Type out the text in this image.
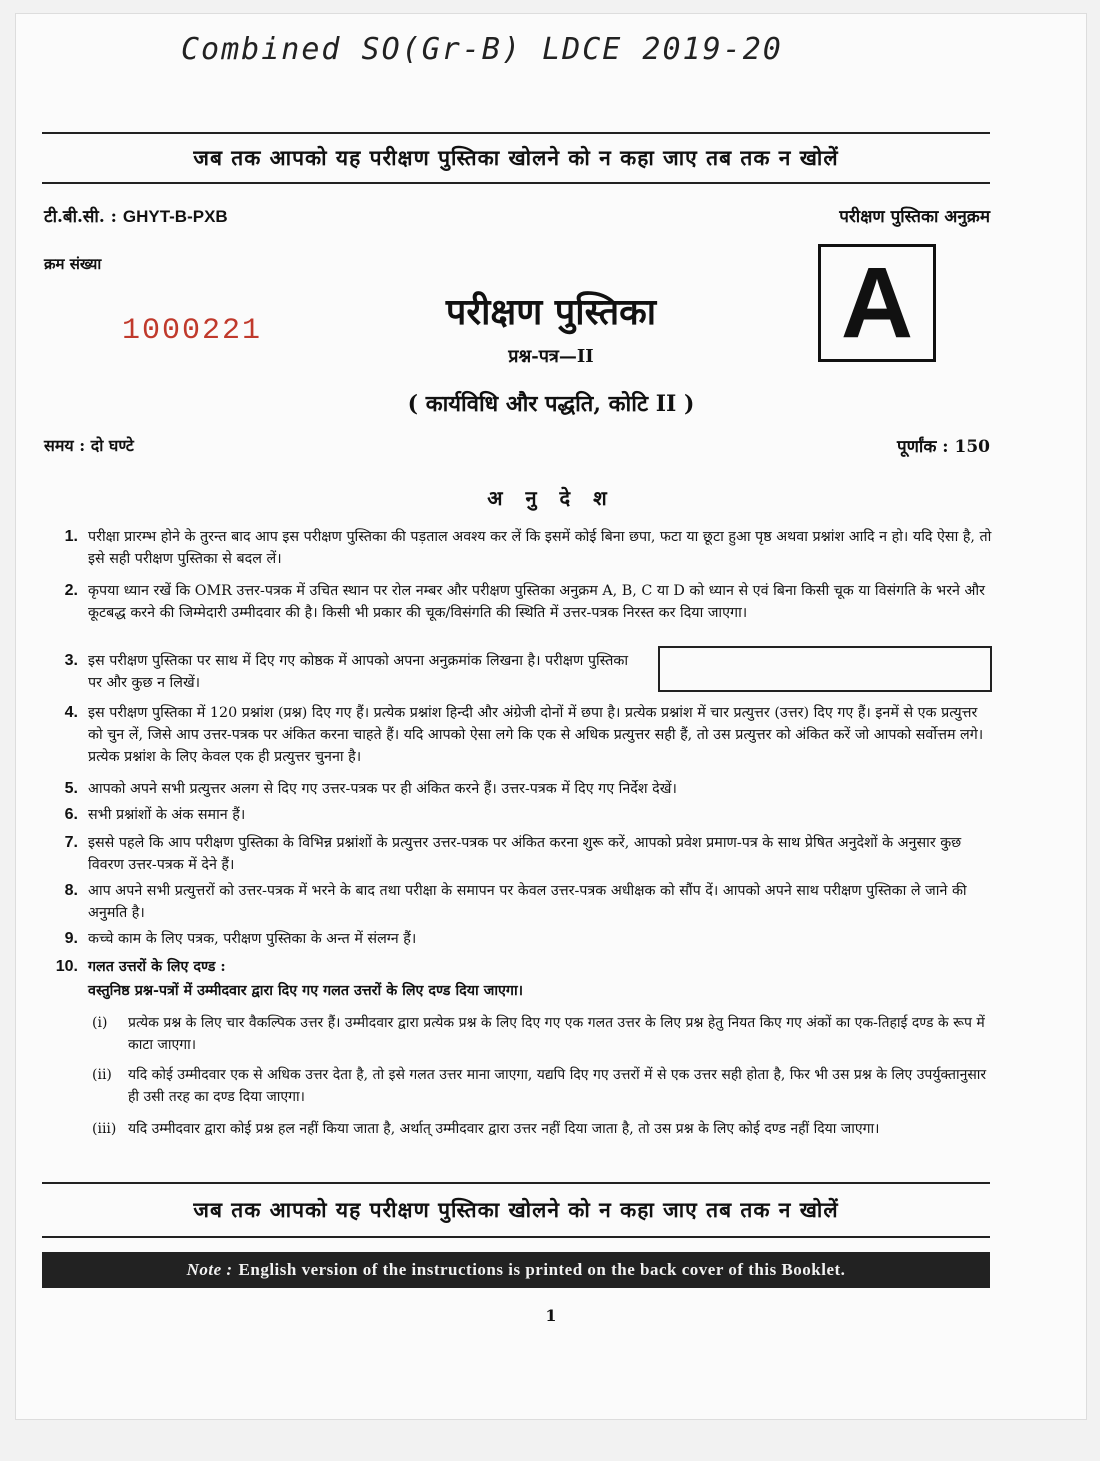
Combined SO(Gr-B) LDCE 2019-20
जब तक आपको यह परीक्षण पुस्तिका खोलने को न कहा जाए तब तक न खोलें
टी.बी.सी. : GHYT-B-PXB
क्रम संख्या
1000221
परीक्षण पुस्तिका अनुक्रम
A
परीक्षण पुस्तिका
प्रश्न-पत्र—II
( कार्यविधि और पद्धति, कोटि II )
समय : दो घण्टे	पूर्णांक : 150
अ नु दे श
1. परीक्षा प्रारम्भ होने के तुरन्त बाद आप इस परीक्षण पुस्तिका की पड़ताल अवश्य कर लें कि इसमें कोई बिना छपा, फटा या छूटा हुआ पृष्ठ अथवा प्रश्नांश आदि न हो। यदि ऐसा है, तो इसे सही परीक्षण पुस्तिका से बदल लें।
2. कृपया ध्यान रखें कि OMR उत्तर-पत्रक में उचित स्थान पर रोल नम्बर और परीक्षण पुस्तिका अनुक्रम A, B, C या D को ध्यान से एवं बिना किसी चूक या विसंगति के भरने और कूटबद्ध करने की जिम्मेदारी उम्मीदवार की है। किसी भी प्रकार की चूक/विसंगति की स्थिति में उत्तर-पत्रक निरस्त कर दिया जाएगा।
3. इस परीक्षण पुस्तिका पर साथ में दिए गए कोष्ठक में आपको अपना अनुक्रमांक लिखना है। परीक्षण पुस्तिका पर और कुछ न लिखें।
4. इस परीक्षण पुस्तिका में 120 प्रश्नांश (प्रश्न) दिए गए हैं। प्रत्येक प्रश्नांश हिन्दी और अंग्रेजी दोनों में छपा है। प्रत्येक प्रश्नांश में चार प्रत्युत्तर (उत्तर) दिए गए हैं। इनमें से एक प्रत्युत्तर को चुन लें, जिसे आप उत्तर-पत्रक पर अंकित करना चाहते हैं। यदि आपको ऐसा लगे कि एक से अधिक प्रत्युत्तर सही हैं, तो उस प्रत्युत्तर को अंकित करें जो आपको सर्वोत्तम लगे। प्रत्येक प्रश्नांश के लिए केवल एक ही प्रत्युत्तर चुनना है।
5. आपको अपने सभी प्रत्युत्तर अलग से दिए गए उत्तर-पत्रक पर ही अंकित करने हैं। उत्तर-पत्रक में दिए गए निर्देश देखें।
6. सभी प्रश्नांशों के अंक समान हैं।
7. इससे पहले कि आप परीक्षण पुस्तिका के विभिन्न प्रश्नांशों के प्रत्युत्तर उत्तर-पत्रक पर अंकित करना शुरू करें, आपको प्रवेश प्रमाण-पत्र के साथ प्रेषित अनुदेशों के अनुसार कुछ विवरण उत्तर-पत्रक में देने हैं।
8. आप अपने सभी प्रत्युत्तरों को उत्तर-पत्रक में भरने के बाद तथा परीक्षा के समापन पर केवल उत्तर-पत्रक अधीक्षक को सौंप दें। आपको अपने साथ परीक्षण पुस्तिका ले जाने की अनुमति है।
9. कच्चे काम के लिए पत्रक, परीक्षण पुस्तिका के अन्त में संलग्न हैं।
10. गलत उत्तरों के लिए दण्ड :
वस्तुनिष्ठ प्रश्न-पत्रों में उम्मीदवार द्वारा दिए गए गलत उत्तरों के लिए दण्ड दिया जाएगा।
(i) प्रत्येक प्रश्न के लिए चार वैकल्पिक उत्तर हैं। उम्मीदवार द्वारा प्रत्येक प्रश्न के लिए दिए गए एक गलत उत्तर के लिए प्रश्न हेतु नियत किए गए अंकों का एक-तिहाई दण्ड के रूप में काटा जाएगा।
(ii) यदि कोई उम्मीदवार एक से अधिक उत्तर देता है, तो इसे गलत उत्तर माना जाएगा, यद्यपि दिए गए उत्तरों में से एक उत्तर सही होता है, फिर भी उस प्रश्न के लिए उपर्युक्तानुसार ही उसी तरह का दण्ड दिया जाएगा।
(iii) यदि उम्मीदवार द्वारा कोई प्रश्न हल नहीं किया जाता है, अर्थात् उम्मीदवार द्वारा उत्तर नहीं दिया जाता है, तो उस प्रश्न के लिए कोई दण्ड नहीं दिया जाएगा।
जब तक आपको यह परीक्षण पुस्तिका खोलने को न कहा जाए तब तक न खोलें
Note : English version of the instructions is printed on the back cover of this Booklet.
1
